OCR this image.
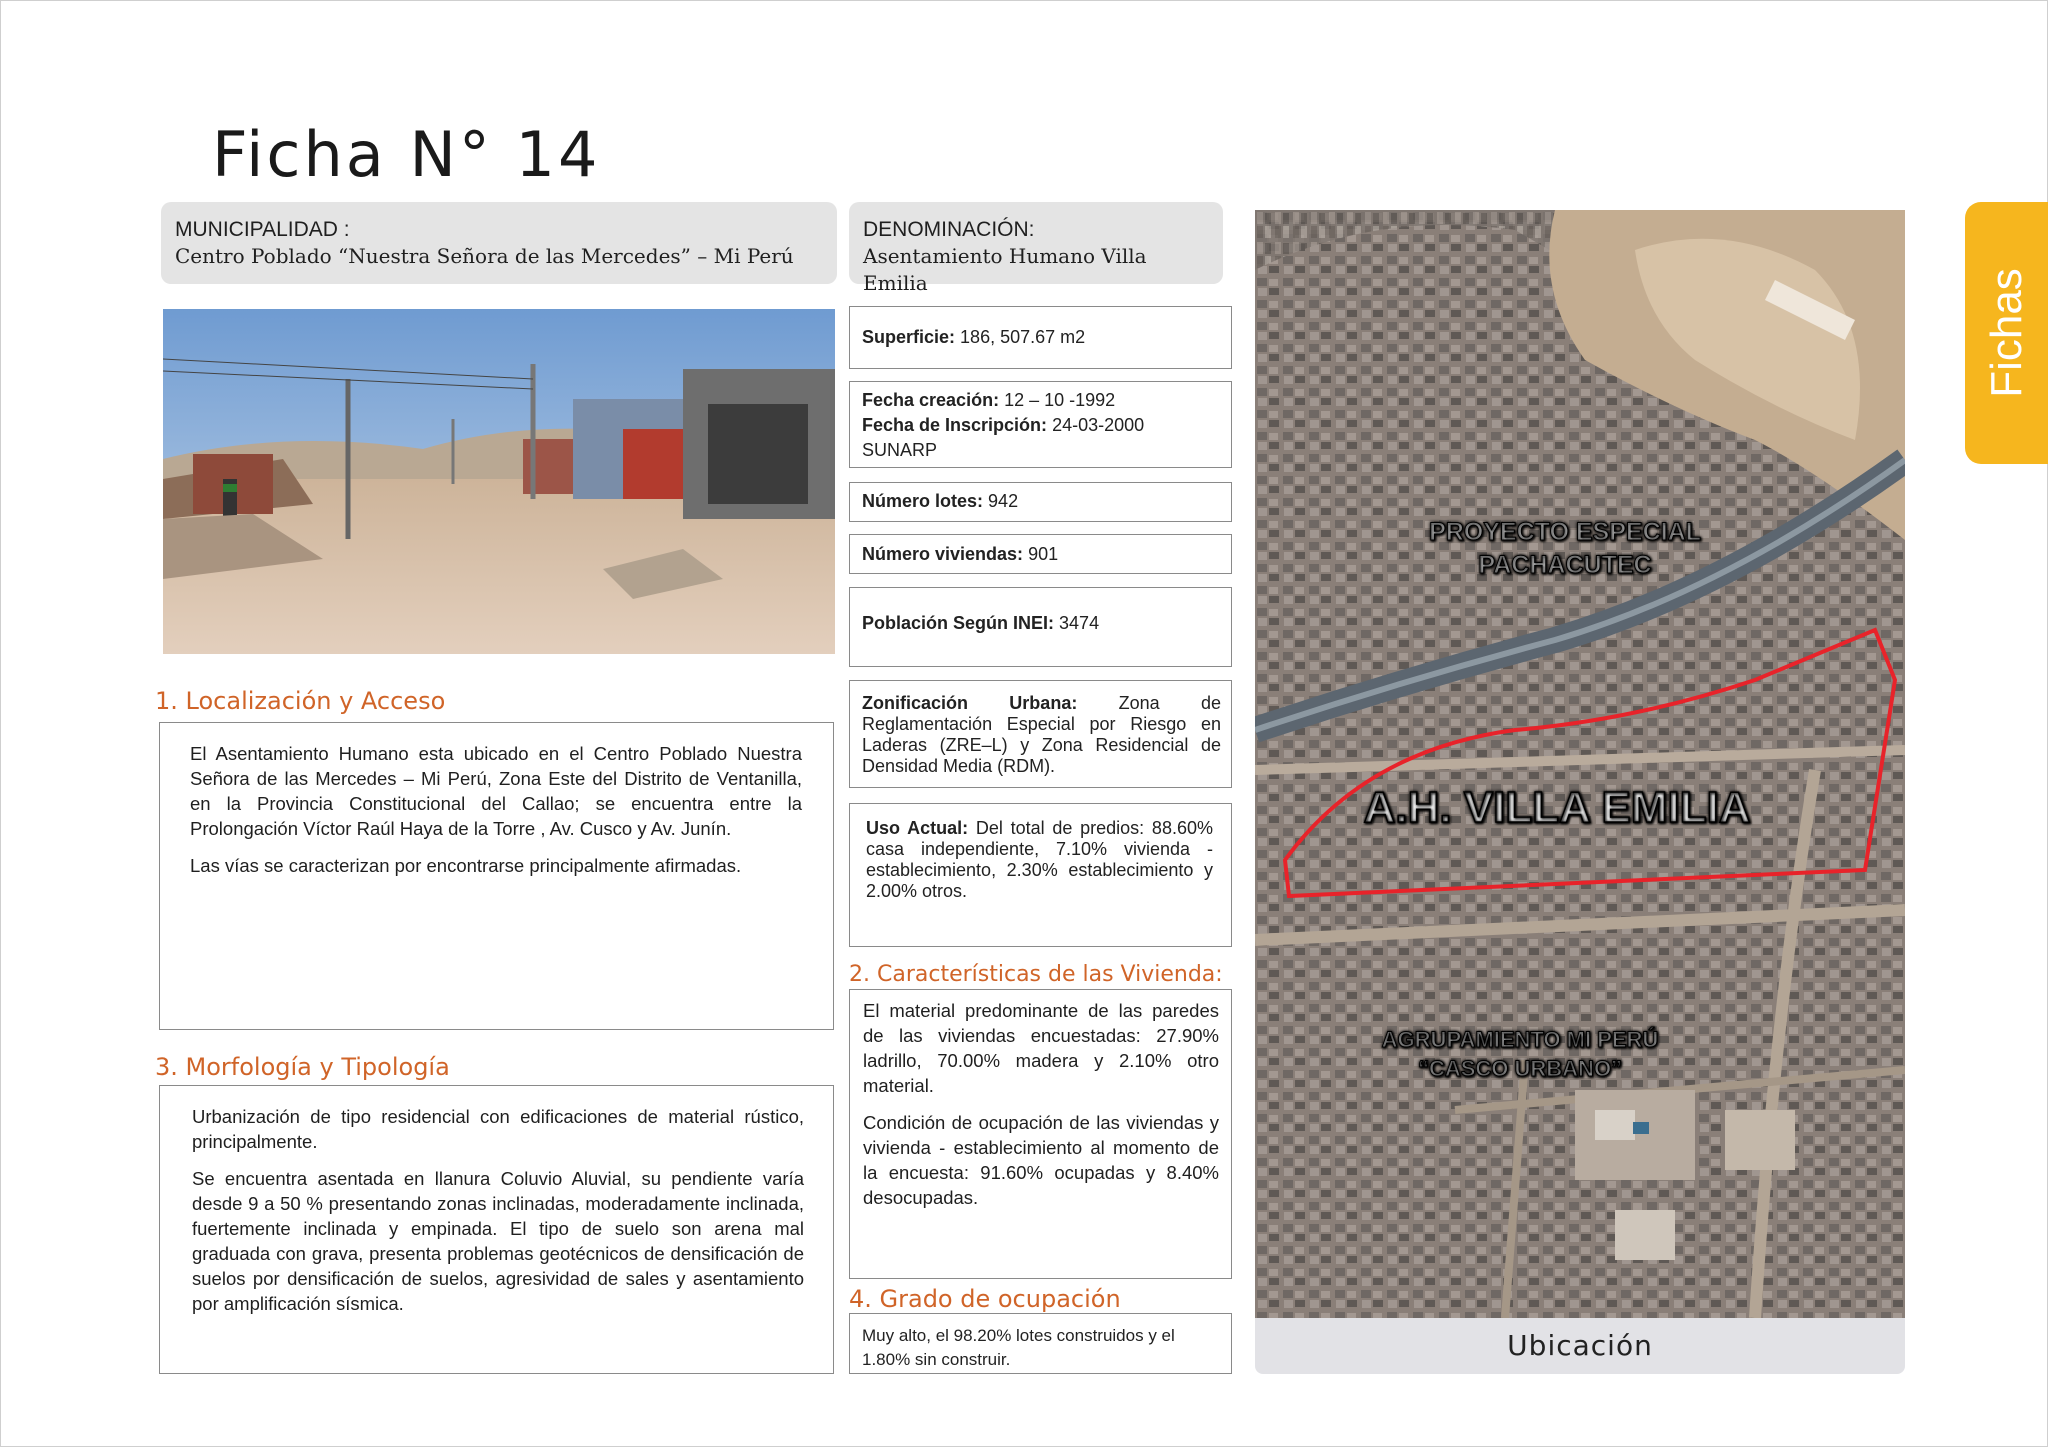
Ficha N° 14
MUNICIPALIDAD :
Centro Poblado “Nuestra Señora de las Mercedes” – Mi Perú
DENOMINACIÓN:
Asentamiento Humano Villa Emilia
1. Localización y Acceso

El Asentamiento Humano esta ubicado en el Centro Poblado Nuestra Señora de las Mercedes – Mi Perú, Zona Este del Distrito de Ventanilla, en la Provincia Constitucional del Callao; se encuentra entre la Prolongación Víctor Raúl Haya de la Torre , Av. Cusco y Av. Junín.

Las vías se caracterizan por encontrarse principalmente afirmadas.

3. Morfología y Tipología

Urbanización de tipo residencial con edificaciones de material rústico, principalmente.

Se encuentra asentada en llanura Coluvio Aluvial, su pendiente varía desde 9 a 50 % presentando zonas inclinadas, moderadamente inclinada, fuertemente inclinada y empinada. El tipo de suelo son arena mal graduada con grava, presenta problemas geotécnicos de densificación de suelos por densificación de suelos, agresividad de sales y asentamiento por amplificación sísmica.

Superficie: 186, 507.67 m2
Fecha creación: 12 – 10 -1992
Fecha de Inscripción: 24-03-2000
SUNARP
Número lotes: 942
Número viviendas: 901
Población Según INEI: 3474
Zonificación Urbana: Zona de Reglamentación Especial por Riesgo en Laderas (ZRE–L) y Zona Residencial de Densidad Media (RDM).
Uso Actual: Del total de predios: 88.60% casa independiente, 7.10% vivienda - establecimiento, 2.30% establecimiento y 2.00% otros.
2. Características de las Vivienda:

El material predominante de las paredes de las viviendas encuestadas: 27.90% ladrillo, 70.00% madera y 2.10% otro material.

Condición de ocupación de las viviendas y vivienda - establecimiento al momento de la encuesta: 91.60% ocupadas y 8.40% desocupadas.

4. Grado de ocupación
Muy alto, el 98.20% lotes construidos y el 1.80% sin construir.
PROYECTO ESPECIAL
PACHACUTEC
A.H. VILLA EMILIA
AGRUPAMIENTO MI PERÚ
“CASCO URBANO”
Ubicación
Fichas
